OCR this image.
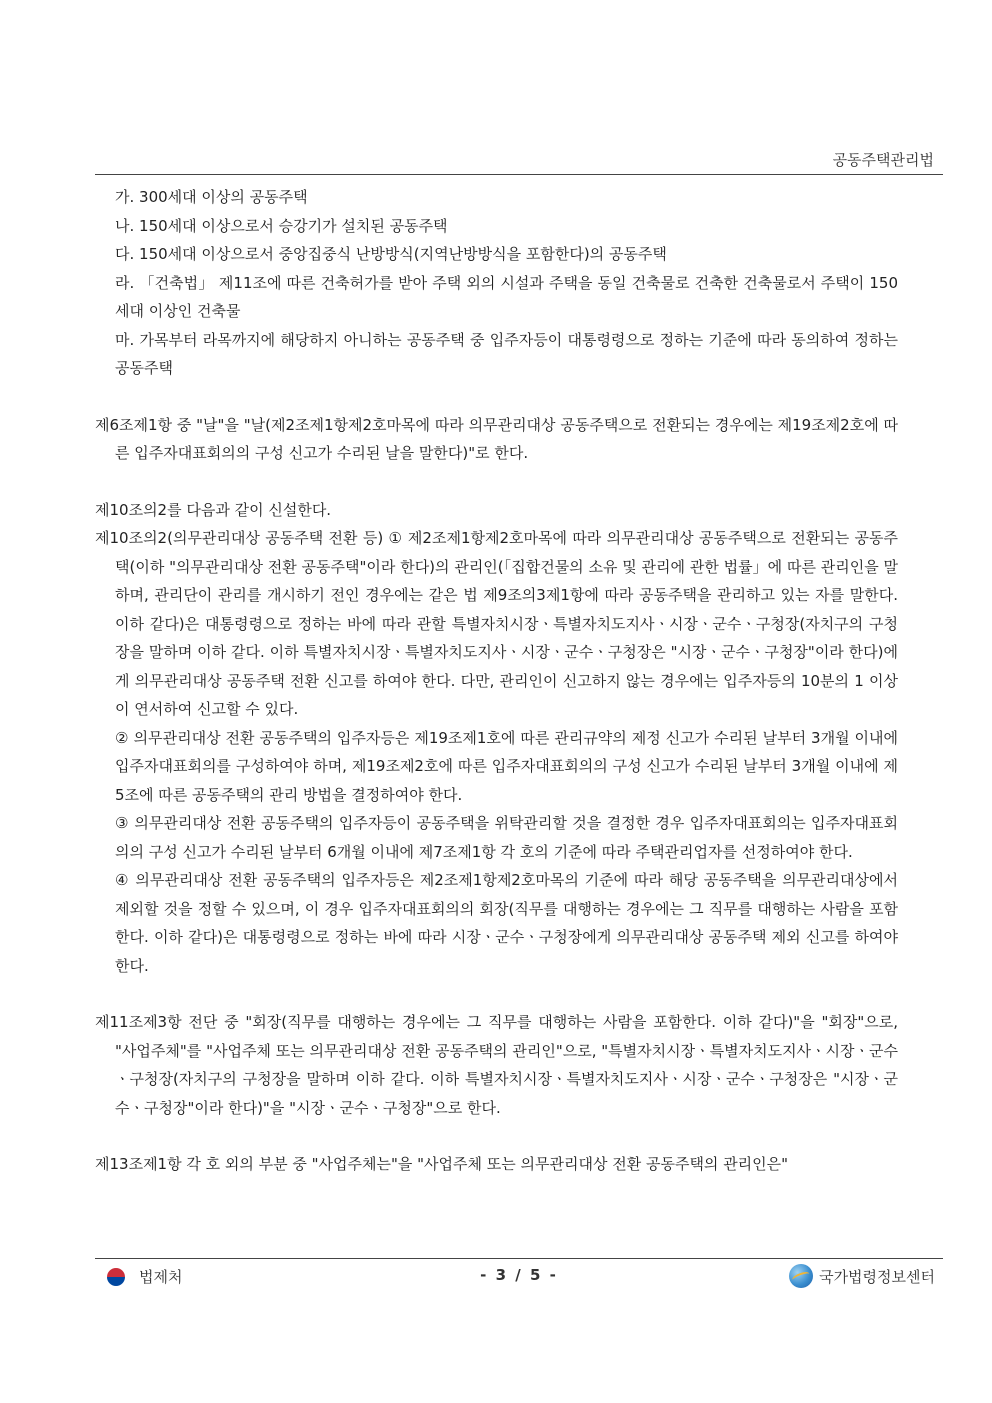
공동주택관리법

가. 300세대 이상의 공동주택

나. 150세대 이상으로서 승강기가 설치된 공동주택

다. 150세대 이상으로서 중앙집중식 난방방식(지역난방방식을 포함한다)의 공동주택

라. 「건축법」 제11조에 따른 건축허가를 받아 주택 외의 시설과 주택을 동일 건축물로 건축한 건축물로서 주택이 150세대 이상인 건축물

마. 가목부터 라목까지에 해당하지 아니하는 공동주택 중 입주자등이 대통령령으로 정하는 기준에 따라 동의하여 정하는 공동주택

제6조제1항 중 "날"을 "날(제2조제1항제2호마목에 따라 의무관리대상 공동주택으로 전환되는 경우에는 제19조제2호에 따른 입주자대표회의의 구성 신고가 수리된 날을 말한다)"로 한다.

제10조의2를 다음과 같이 신설한다.

제10조의2(의무관리대상 공동주택 전환 등) ① 제2조제1항제2호마목에 따라 의무관리대상 공동주택으로 전환되는 공동주택(이하 "의무관리대상 전환 공동주택"이라 한다)의 관리인(「집합건물의 소유 및 관리에 관한 법률」에 따른 관리인을 말하며, 관리단이 관리를 개시하기 전인 경우에는 같은 법 제9조의3제1항에 따라 공동주택을 관리하고 있는 자를 말한다. 이하 같다)은 대통령령으로 정하는 바에 따라 관할 특별자치시장ㆍ특별자치도지사ㆍ시장ㆍ군수ㆍ구청장(자치구의 구청장을 말하며 이하 같다. 이하 특별자치시장ㆍ특별자치도지사ㆍ시장ㆍ군수ㆍ구청장은 "시장ㆍ군수ㆍ구청장"이라 한다)에게 의무관리대상 공동주택 전환 신고를 하여야 한다. 다만, 관리인이 신고하지 않는 경우에는 입주자등의 10분의 1 이상이 연서하여 신고할 수 있다.

② 의무관리대상 전환 공동주택의 입주자등은 제19조제1호에 따른 관리규약의 제정 신고가 수리된 날부터 3개월 이내에 입주자대표회의를 구성하여야 하며, 제19조제2호에 따른 입주자대표회의의 구성 신고가 수리된 날부터 3개월 이내에 제5조에 따른 공동주택의 관리 방법을 결정하여야 한다.

③ 의무관리대상 전환 공동주택의 입주자등이 공동주택을 위탁관리할 것을 결정한 경우 입주자대표회의는 입주자대표회의의 구성 신고가 수리된 날부터 6개월 이내에 제7조제1항 각 호의 기준에 따라 주택관리업자를 선정하여야 한다.

④ 의무관리대상 전환 공동주택의 입주자등은 제2조제1항제2호마목의 기준에 따라 해당 공동주택을 의무관리대상에서 제외할 것을 정할 수 있으며, 이 경우 입주자대표회의의 회장(직무를 대행하는 경우에는 그 직무를 대행하는 사람을 포함한다. 이하 같다)은 대통령령으로 정하는 바에 따라 시장ㆍ군수ㆍ구청장에게 의무관리대상 공동주택 제외 신고를 하여야 한다.

제11조제3항 전단 중 "회장(직무를 대행하는 경우에는 그 직무를 대행하는 사람을 포함한다. 이하 같다)"을 "회장"으로, "사업주체"를 "사업주체 또는 의무관리대상 전환 공동주택의 관리인"으로, "특별자치시장ㆍ특별자치도지사ㆍ시장ㆍ군수ㆍ구청장(자치구의 구청장을 말하며 이하 같다. 이하 특별자치시장ㆍ특별자치도지사ㆍ시장ㆍ군수ㆍ구청장은 "시장ㆍ군수ㆍ구청장"이라 한다)"을 "시장ㆍ군수ㆍ구청장"으로 한다.

제13조제1항 각 호 외의 부분 중 "사업주체는"을 "사업주체 또는 의무관리대상 전환 공동주택의 관리인은"

법제처	- 3 / 5 -	국가법령정보센터
